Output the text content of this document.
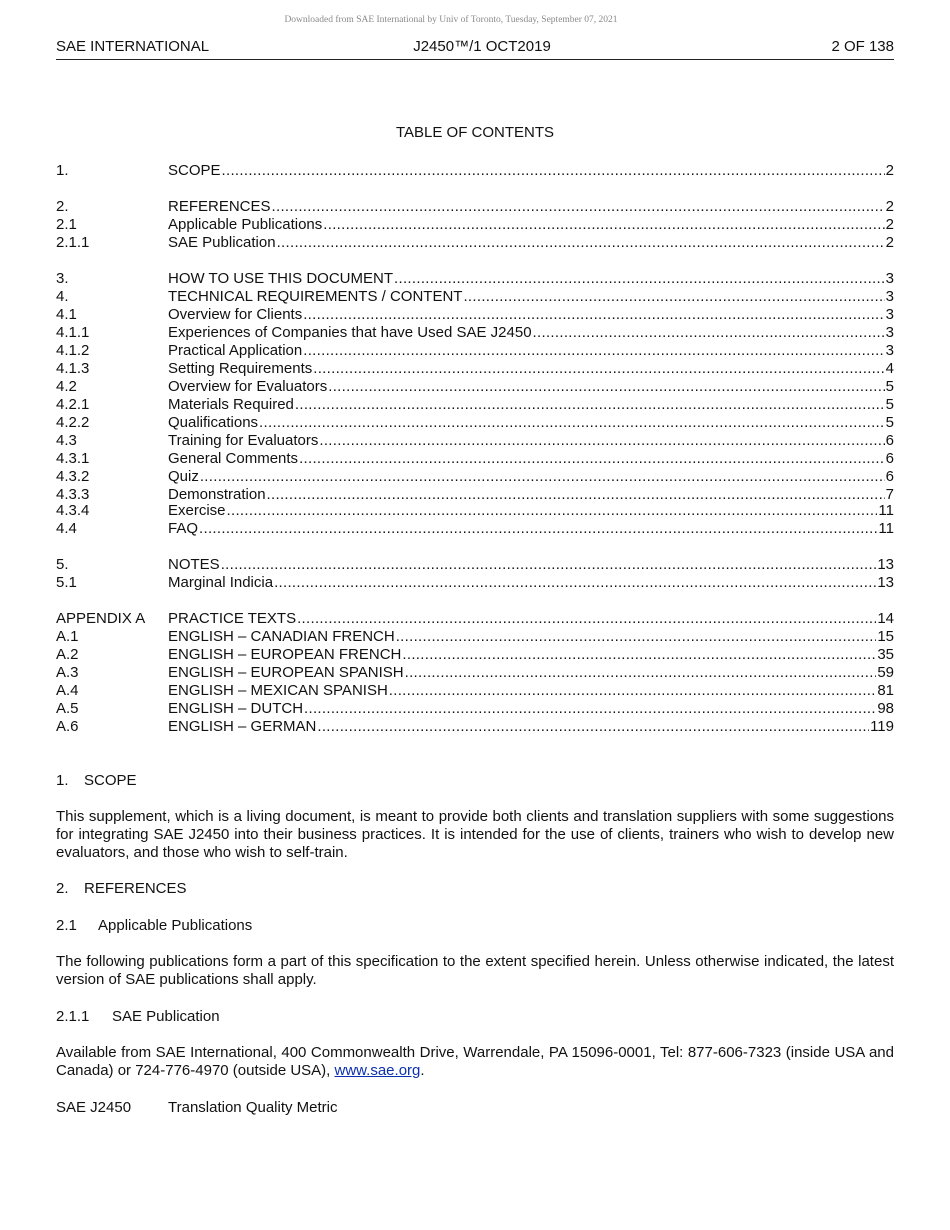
Downloaded from SAE International by Univ of Toronto, Tuesday, September 07, 2021
SAE INTERNATIONAL	J2450™/1 OCT2019	2 OF 138
TABLE OF CONTENTS
1.	SCOPE .....	2
2.	REFERENCES .....	2
2.1	Applicable Publications .....	2
2.1.1	SAE Publication .....	2
3.	HOW TO USE THIS DOCUMENT .....	3
4.	TECHNICAL REQUIREMENTS / CONTENT .....	3
4.1	Overview for Clients .....	3
4.1.1	Experiences of Companies that have Used SAE J2450 .....	3
4.1.2	Practical Application .....	3
4.1.3	Setting Requirements .....	4
4.2	Overview for Evaluators .....	5
4.2.1	Materials Required .....	5
4.2.2	Qualifications .....	5
4.3	Training for Evaluators .....	6
4.3.1	General Comments .....	6
4.3.2	Quiz .....	6
4.3.3	Demonstration .....	7
4.3.4	Exercise .....	11
4.4	FAQ .....	11
5.	NOTES .....	13
5.1	Marginal Indicia .....	13
APPENDIX A PRACTICE TEXTS .....	14
A.1	ENGLISH – CANADIAN FRENCH .....	15
A.2	ENGLISH – EUROPEAN FRENCH .....	35
A.3	ENGLISH – EUROPEAN SPANISH .....	59
A.4	ENGLISH – MEXICAN SPANISH .....	81
A.5	ENGLISH – DUTCH .....	98
A.6	ENGLISH – GERMAN .....	119
1. SCOPE
This supplement, which is a living document, is meant to provide both clients and translation suppliers with some suggestions for integrating SAE J2450 into their business practices. It is intended for the use of clients, trainers who wish to develop new evaluators, and those who wish to self-train.
2. REFERENCES
2.1 Applicable Publications
The following publications form a part of this specification to the extent specified herein. Unless otherwise indicated, the latest version of SAE publications shall apply.
2.1.1 SAE Publication
Available from SAE International, 400 Commonwealth Drive, Warrendale, PA 15096-0001, Tel: 877-606-7323 (inside USA and Canada) or 724-776-4970 (outside USA), www.sae.org.
SAE J2450 Translation Quality Metric
